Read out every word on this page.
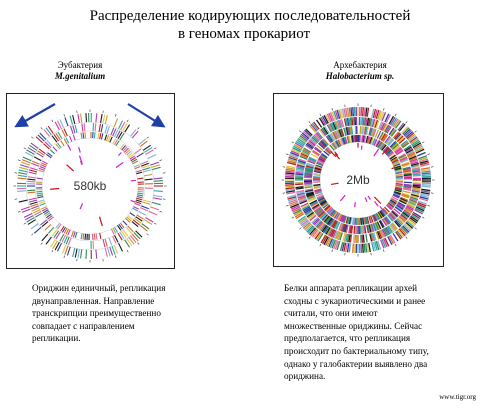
Распределение кодирующих последовательностей
в геномах прокариот
Эубактерия
M.genitalium
580kb
Ориджин единичный, репликация
двунаправленная. Направление
транскрипции преимущественно
совпадает с направлением
репликации.
Архебактерия
Halobacterium sp.
2Mb
Белки аппарата репликации архей
сходны с эукариотическими и ранее
считали, что они имеют
множественные ориджины. Сейчас
предполагается, что репликация
происходит по бактериальному типу,
однако у галобактерии выявлено два
ориджина.
www.tigr.org
